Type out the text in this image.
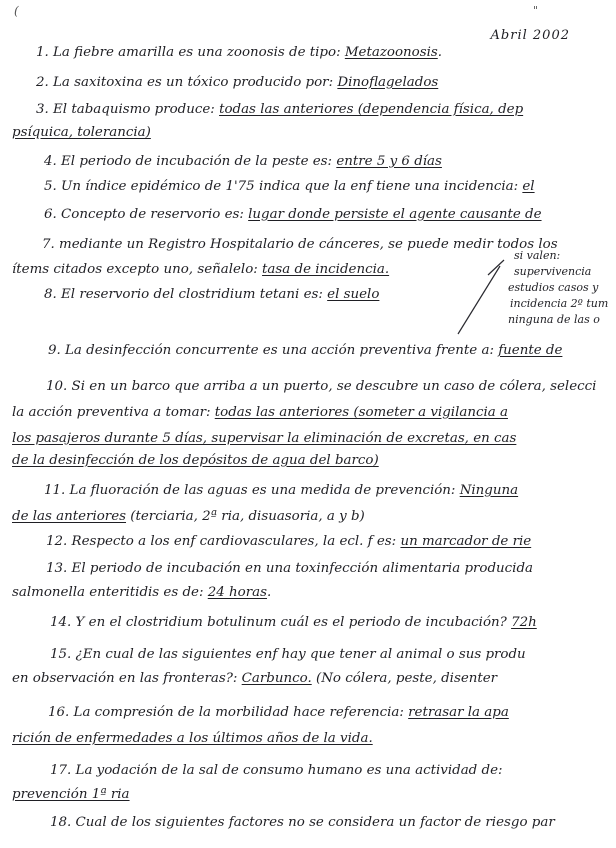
(	"
Abril 2002
1. La fiebre amarilla es una zoonosis de tipo: Metazoonosis.
2. La saxitoxina es un tóxico producido por: Dinoflagelados
3. El tabaquismo produce: todas las anteriores (dependencia física, dep
psíquica, tolerancia)
4. El periodo de incubación de la peste es: entre 5 y 6 días
5. Un índice epidémico de 1'75 indica que la enf tiene una incidencia: el
6. Concepto de reservorio es: lugar donde persiste el agente causante de
7. mediante un Registro Hospitalario de cánceres, se puede medir todos los
ítems citados excepto uno, señalelo: tasa de incidencia.
8. El reservorio del clostridium tetani es: el suelo
9. La desinfección concurrente es una acción preventiva frente a: fuente de
10. Si en un barco que arriba a un puerto, se descubre un caso de cólera, selecci
la acción preventiva a tomar: todas las anteriores (someter a vigilancia a
los pasajeros durante 5 días, supervisar la eliminación de excretas, en cas
de la desinfección de los depósitos de agua del barco)
11. La fluoración de las aguas es una medida de prevención: Ninguna
de las anteriores (terciaria, 2ª ria, disuasoria, a y b)
12. Respecto a los enf cardiovasculares, la ecl. f es: un marcador de rie
13. El periodo de incubación en una toxinfección alimentaria producida
salmonella enteritidis es de: 24 horas.
14. Y en el clostridium botulinum cuál es el periodo de incubación? 72h
15. ¿En cual de las siguientes enf hay que tener al animal o sus produ
en observación en las fronteras?: Carbunco. (No cólera, peste, disenter
16. La compresión de la morbilidad hace referencia: retrasar la apa
rición de enfermedades a los últimos años de la vida.
17. La yodación de la sal de consumo humano es una actividad de:
prevención 1ª ria
18. Cual de los siguientes factores no se considera un factor de riesgo par
si valen:
supervivencia
estudios casos y
incidencia 2º tum
ninguna de las o
